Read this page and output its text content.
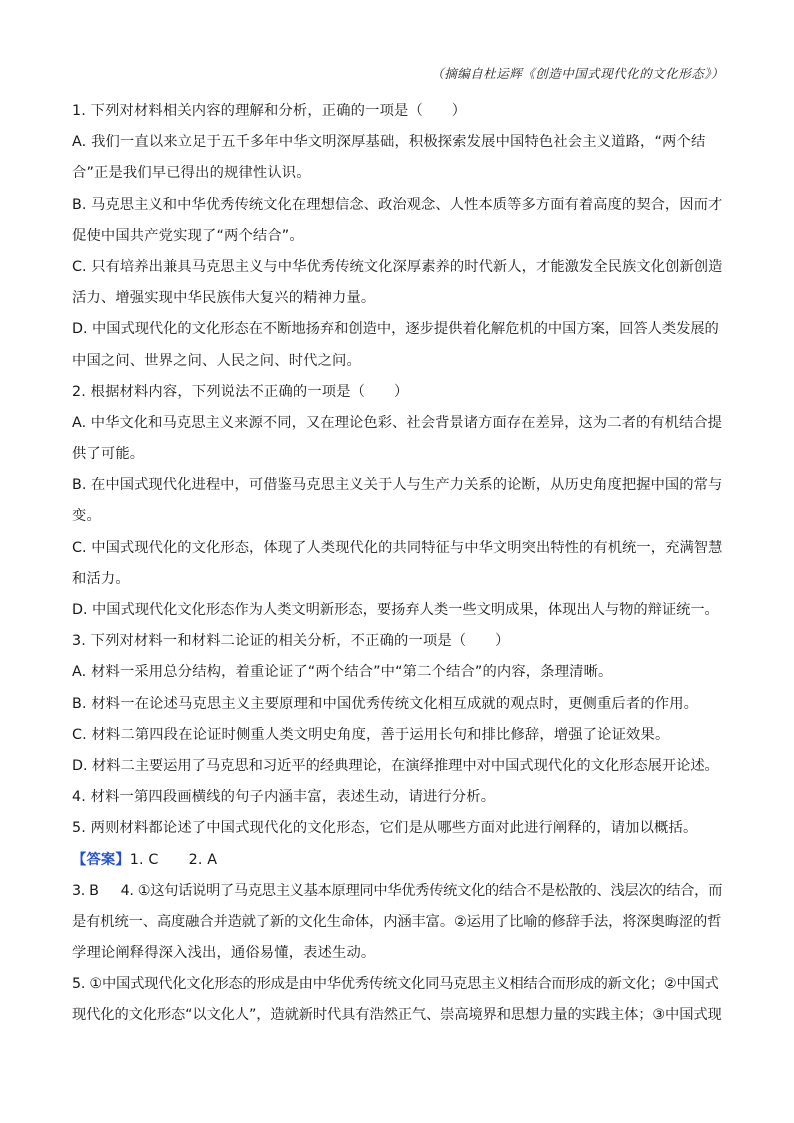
（摘编自杜运辉《创造中国式现代化的文化形态》）
1. 下列对材料相关内容的理解和分析，正确的一项是（　　）
A. 我们一直以来立足于五千多年中华文明深厚基础，积极探索发展中国特色社会主义道路，“两个结
合”正是我们早已得出的规律性认识。
B. 马克思主义和中华优秀传统文化在理想信念、政治观念、人性本质等多方面有着高度的契合，因而才
促使中国共产党实现了“两个结合”。
C. 只有培养出兼具马克思主义与中华优秀传统文化深厚素养的时代新人，才能激发全民族文化创新创造
活力、增强实现中华民族伟大复兴的精神力量。
D. 中国式现代化的文化形态在不断地扬弃和创造中，逐步提供着化解危机的中国方案，回答人类发展的
中国之问、世界之问、人民之问、时代之问。
2. 根据材料内容，下列说法不正确的一项是（　　）
A. 中华文化和马克思主义来源不同，又在理论色彩、社会背景诸方面存在差异，这为二者的有机结合提
供了可能。
B. 在中国式现代化进程中，可借鉴马克思主义关于人与生产力关系的论断，从历史角度把握中国的常与
变。
C. 中国式现代化的文化形态，体现了人类现代化的共同特征与中华文明突出特性的有机统一，充满智慧
和活力。
D. 中国式现代化文化形态作为人类文明新形态，要扬弃人类一些文明成果，体现出人与物的辩证统一。
3. 下列对材料一和材料二论证的相关分析，不正确的一项是（　　）
A. 材料一采用总分结构，着重论证了“两个结合”中“第二个结合”的内容，条理清晰。
B. 材料一在论述马克思主义主要原理和中国优秀传统文化相互成就的观点时，更侧重后者的作用。
C. 材料二第四段在论证时侧重人类文明史角度，善于运用长句和排比修辞，增强了论证效果。
D. 材料二主要运用了马克思和习近平的经典理论，在演绎推理中对中国式现代化的文化形态展开论述。
4. 材料一第四段画横线的句子内涵丰富，表述生动，请进行分析。
5. 两则材料都论述了中国式现代化的文化形态，它们是从哪些方面对此进行阐释的，请加以概括。
【答案】1. C 2. A
3. B 4. ①这句话说明了马克思主义基本原理同中华优秀传统文化的结合不是松散的、浅层次的结合，而
是有机统一、高度融合并造就了新的文化生命体，内涵丰富。②运用了比喻的修辞手法，将深奥晦涩的哲
学理论阐释得深入浅出，通俗易懂，表述生动。
5. ①中国式现代化文化形态的形成是由中华优秀传统文化同马克思主义相结合而形成的新文化；②中国式
现代化的文化形态“以文化人”，造就新时代具有浩然正气、崇高境界和思想力量的实践主体；③中国式现
